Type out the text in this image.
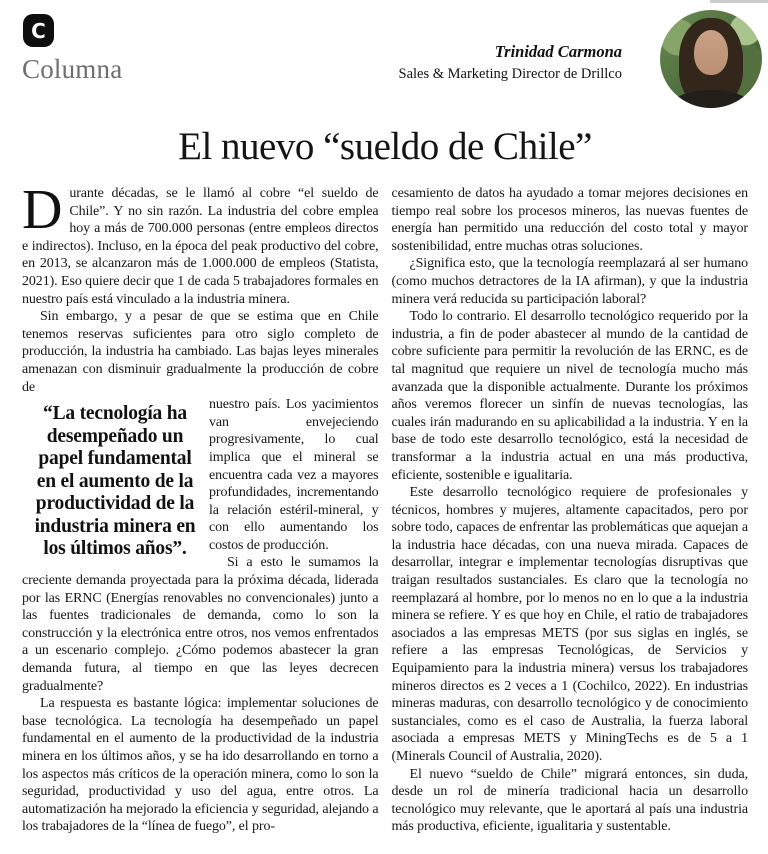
C
Columna
Trinidad Carmona
Sales & Marketing Director de Drillco
El nuevo “sueldo de Chile”

Durante décadas, se le llamó al cobre “el sueldo de Chile”. Y no sin razón. La industria del cobre emplea hoy a más de 700.000 personas (entre empleos directos e indirectos). Incluso, en la época del peak productivo del cobre, en 2013, se alcanzaron más de 1.000.000 de empleos (Statista, 2021). Eso quiere decir que 1 de cada 5 trabajadores formales en nuestro país está vinculado a la industria minera.

Sin embargo, y a pesar de que se estima que en Chile tenemos reservas suficientes para otro siglo completo de producción, la industria ha cambiado. Las bajas leyes minerales amenazan con disminuir gradualmente la producción de cobre de

“La tecnología ha desempeñado un papel fundamental en el aumento de la productividad de la industria minera en los últimos años”.

nuestro país. Los yacimientos van envejeciendo progresivamente, lo cual implica que el mineral se encuentra cada vez a mayores profundidades, incrementando la relación estéril-mineral, y con ello aumentando los costos de producción.

Si a esto le sumamos la creciente demanda proyectada para la próxima década, liderada por las ERNC (Energías renovables no convencionales) junto a las fuentes tradicionales de demanda, como lo son la construcción y la electrónica entre otros, nos vemos enfrentados a un escenario complejo. ¿Cómo podemos abastecer la gran demanda futura, al tiempo en que las leyes decrecen gradualmente?

La respuesta es bastante lógica: implementar soluciones de base tecnológica. La tecnología ha desempeñado un papel fundamental en el aumento de la productividad de la industria minera en los últimos años, y se ha ido desarrollando en torno a los aspectos más críticos de la operación minera, como lo son la seguridad, productividad y uso del agua, entre otros. La automatización ha mejorado la eficiencia y seguridad, alejando a los trabajadores de la “línea de fuego”, el pro-

cesamiento de datos ha ayudado a tomar mejores decisiones en tiempo real sobre los procesos mineros, las nuevas fuentes de energía han permitido una reducción del costo total y mayor sostenibilidad, entre muchas otras soluciones.

¿Significa esto, que la tecnología reemplazará al ser humano (como muchos detractores de la IA afirman), y que la industria minera verá reducida su participación laboral?

Todo lo contrario. El desarrollo tecnológico requerido por la industria, a fin de poder abastecer al mundo de la cantidad de cobre suficiente para permitir la revolución de las ERNC, es de tal magnitud que requiere un nivel de tecnología mucho más avanzada que la disponible actualmente. Durante los próximos años veremos florecer un sinfín de nuevas tecnologías, las cuales irán madurando en su aplicabilidad a la industria. Y en la base de todo este desarrollo tecnológico, está la necesidad de transformar a la industria actual en una más productiva, eficiente, sostenible e igualitaria.

Este desarrollo tecnológico requiere de profesionales y técnicos, hombres y mujeres, altamente capacitados, pero por sobre todo, capaces de enfrentar las problemáticas que aquejan a la industria hace décadas, con una nueva mirada. Capaces de desarrollar, integrar e implementar tecnologías disruptivas que traigan resultados sustanciales. Es claro que la tecnología no reemplazará al hombre, por lo menos no en lo que a la industria minera se refiere. Y es que hoy en Chile, el ratio de trabajadores asociados a las empresas METS (por sus siglas en inglés, se refiere a las empresas Tecnológicas, de Servicios y Equipamiento para la industria minera) versus los trabajadores mineros directos es 2 veces a 1 (Cochilco, 2022). En industrias mineras maduras, con desarrollo tecnológico y de conocimiento sustanciales, como es el caso de Australia, la fuerza laboral asociada a empresas METS y MiningTechs es de 5 a 1 (Minerals Council of Australia, 2020).

El nuevo “sueldo de Chile” migrará entonces, sin duda, desde un rol de minería tradicional hacia un desarrollo tecnológico muy relevante, que le aportará al país una industria más productiva, eficiente, igualitaria y sustentable.
